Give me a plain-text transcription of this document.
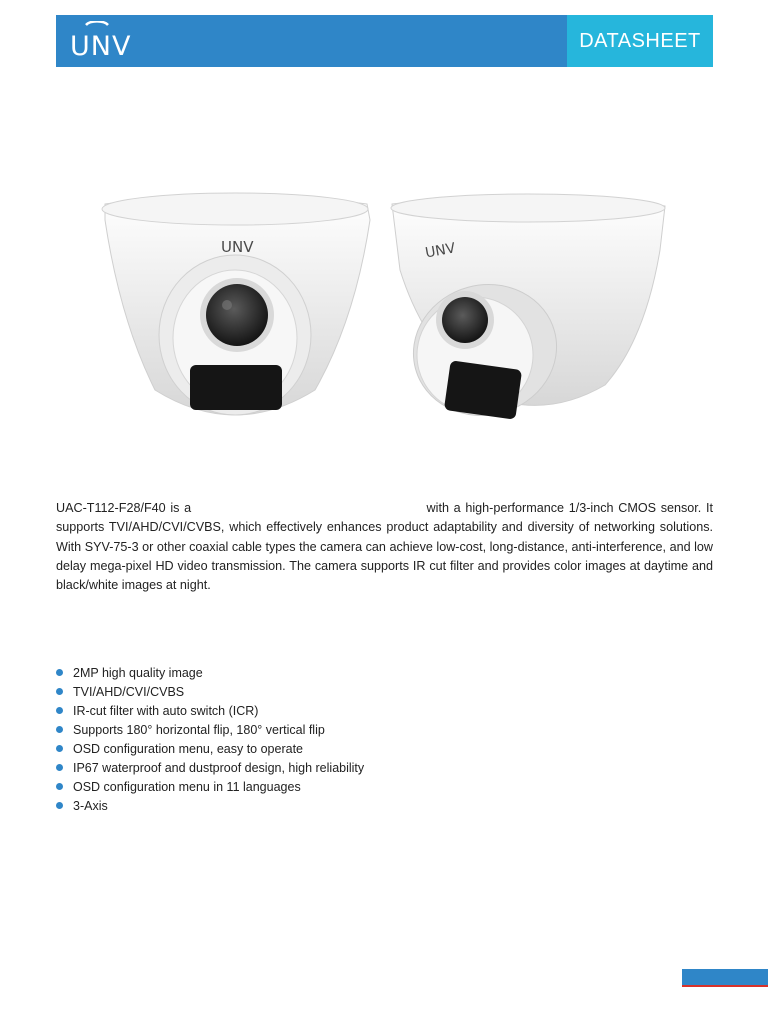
UNV	DATASHEET
UNV	UNV
UAC-T112-F28/F40 is a	with a high-performance 1/3-inch CMOS sensor. It supports TVI/AHD/CVI/CVBS, which effectively enhances product adaptability and diversity of networking solutions. With SYV-75-3 or other coaxial cable types the camera can achieve low-cost, long-distance, anti-interference, and low delay mega-pixel HD video transmission. The camera supports IR cut filter and provides color images at daytime and black/white images at night.
2MP high quality image
TVI/AHD/CVI/CVBS
IR-cut filter with auto switch (ICR)
Supports 180° horizontal flip, 180° vertical flip
OSD configuration menu, easy to operate
IP67 waterproof and dustproof design, high reliability
OSD configuration menu in 11 languages
3-Axis
